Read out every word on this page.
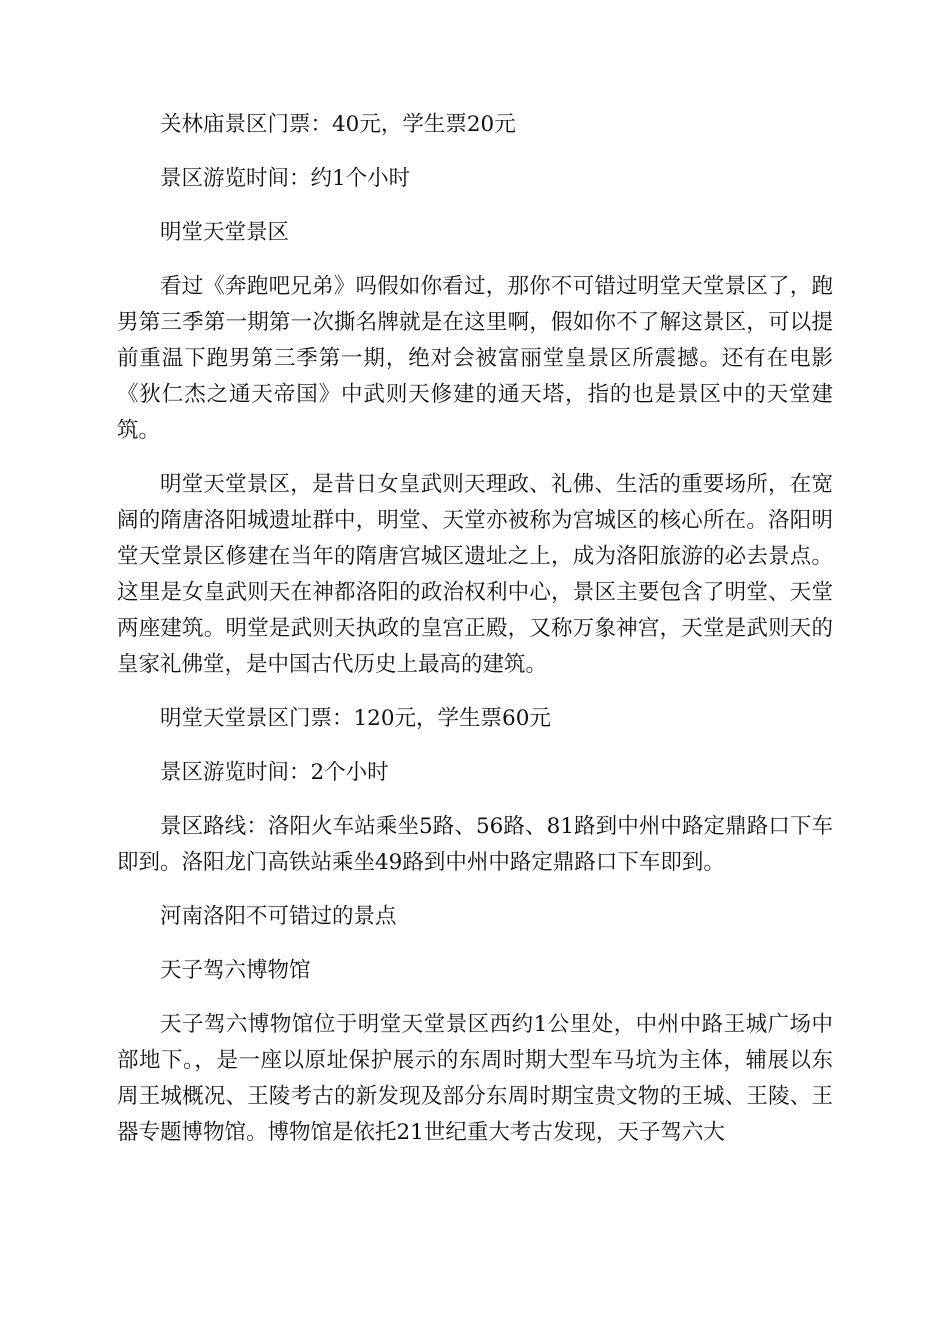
关林庙景区门票：40元，学生票20元

景区游览时间：约1个小时

明堂天堂景区

看过《奔跑吧兄弟》吗假如你看过，那你不可错过明堂天堂景区了，跑男第三季第一期第一次撕名牌就是在这里啊，假如你不了解这景区，可以提前重温下跑男第三季第一期，绝对会被富丽堂皇景区所震撼。还有在电影《狄仁杰之通天帝国》中武则天修建的通天塔，指的也是景区中的天堂建筑。

明堂天堂景区，是昔日女皇武则天理政、礼佛、生活的重要场所，在宽阔的隋唐洛阳城遗址群中，明堂、天堂亦被称为宫城区的核心所在。洛阳明堂天堂景区修建在当年的隋唐宫城区遗址之上，成为洛阳旅游的必去景点。这里是女皇武则天在神都洛阳的政治权利中心，景区主要包含了明堂、天堂两座建筑。明堂是武则天执政的皇宫正殿，又称万象神宫，天堂是武则天的皇家礼佛堂，是中国古代历史上最高的建筑。

明堂天堂景区门票：120元，学生票60元

景区游览时间：2个小时

景区路线：洛阳火车站乘坐5路、56路、81路到中州中路定鼎路口下车即到。洛阳龙门高铁站乘坐49路到中州中路定鼎路口下车即到。

河南洛阳不可错过的景点

天子驾六博物馆

天子驾六博物馆位于明堂天堂景区西约1公里处，中州中路王城广场中部地下。，是一座以原址保护展示的东周时期大型车马坑为主体，辅展以东周王城概况、王陵考古的新发现及部分东周时期宝贵文物的王城、王陵、王器专题博物馆。博物馆是依托21世纪重大考古发现，天子驾六大
